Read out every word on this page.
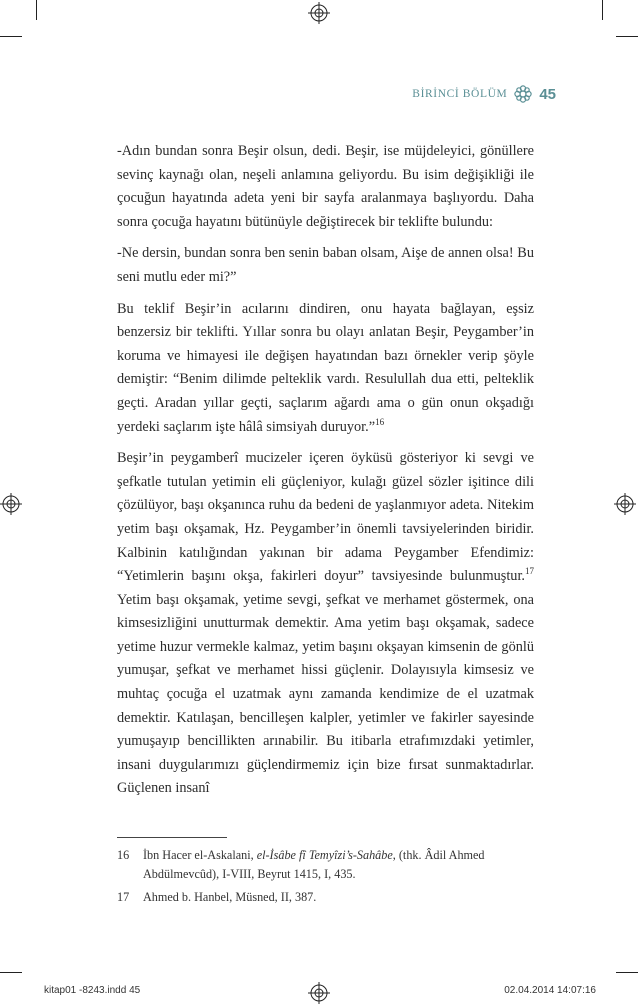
BİRİNCİ BÖLÜM 45

-Adın bundan sonra Beşir olsun, dedi. Beşir, ise müjdeleyici, gönüllere sevinç kaynağı olan, neşeli anlamına geliyordu. Bu isim değişikliği ile çocuğun hayatında adeta yeni bir sayfa aralanmaya başlıyordu. Daha sonra çocuğa hayatını bütünüyle değiştirecek bir teklifte bulundu:

-Ne dersin, bundan sonra ben senin baban olsam, Aişe de annen olsa! Bu seni mutlu eder mi?”

Bu teklif Beşir’in acılarını dindiren, onu hayata bağlayan, eşsiz benzersiz bir teklifti. Yıllar sonra bu olayı anlatan Beşir, Peygamber’in koruma ve himayesi ile değişen hayatından bazı örnekler verip şöyle demiştir: “Benim dilimde pelteklik vardı. Resulullah dua etti, pelteklik geçti. Aradan yıllar geçti, saçlarım ağardı ama o gün onun okşadığı yerdeki saçlarım işte hâlâ simsiyah duruyor.”$^{16}$

Beşir’in peygamberî mucizeler içeren öyküsü gösteriyor ki sevgi ve şefkatle tutulan yetimin eli güçleniyor, kulağı güzel sözler işitince dili çözülüyor, başı okşanınca ruhu da bedeni de yaşlanmıyor adeta. Nitekim yetim başı okşamak, Hz. Peygamber’in önemli tavsiyelerinden biridir. Kalbinin katılığından yakınan bir adama Peygamber Efendimiz: “Yetimlerin başını okşa, fakirleri doyur” tavsiyesinde bulunmuştur.$^{17}$ Yetim başı okşamak, yetime sevgi, şefkat ve merhamet göstermek, ona kimsesizliğini unutturmak demektir. Ama yetim başı okşamak, sadece yetime huzur vermekle kalmaz, yetim başını okşayan kimsenin de gönlü yumuşar, şefkat ve merhamet hissi güçlenir. Dolayısıyla kimsesiz ve muhtaç çocuğa el uzatmak aynı zamanda kendimize de el uzatmak demektir. Katılaşan, bencilleşen kalpler, yetimler ve fakirler sayesinde yumuşayıp bencillikten arınabilir. Bu itibarla etrafımızdaki yetimler, insani duygularımızı güçlendirmemiz için bize fırsat sunmaktadırlar. Güçlenen insanî

16	İbn Hacer el-Askalani, el-İsâbe fî Temyîzi’s-Sahâbe, (thk. Âdil Ahmed Abdülmevcûd), I-VIII, Beyrut 1415, I, 435.
17	Ahmed b. Hanbel, Müsned, II, 387.
kitap01 -8243.indd 45	02.04.2014 14:07:16
